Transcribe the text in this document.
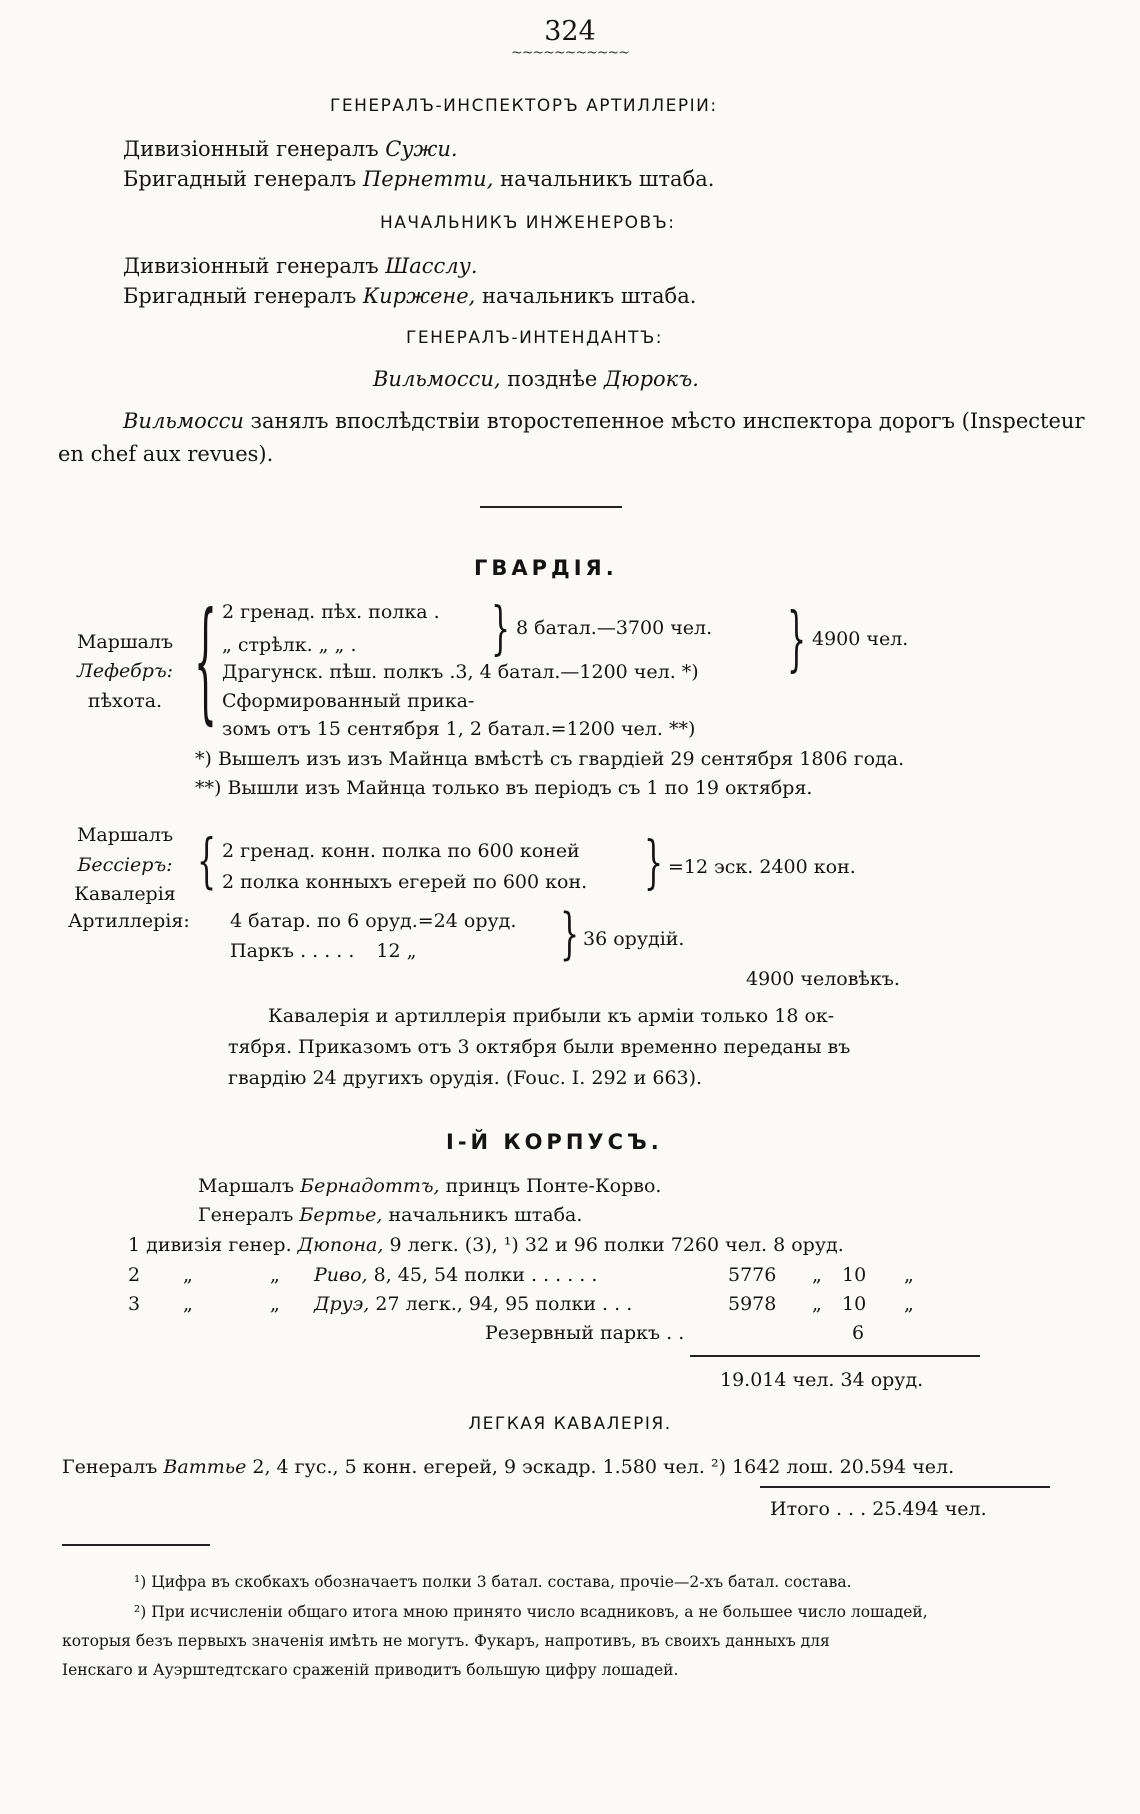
324
~~~~~~~~~~~
ГЕНЕРАЛЪ-ИНСПЕКТОРЪ АРТИЛЛЕРІИ:
Дивизіонный генералъ Сужи.
Бригадный генералъ Пернетти, начальникъ штаба.
НАЧАЛЬНИКЪ ИНЖЕНЕРОВЪ:
Дивизіонный генералъ Шасслу.
Бригадный генералъ Киржене, начальникъ штаба.
ГЕНЕРАЛЪ-ИНТЕНДАНТЪ:
Вильмосси, позднѣе Дюрокъ.
Вильмосси занялъ впослѣдствіи второстепенное мѣсто инспектора дорогъ (Inspecteur
en chef aux revues).
ГВАРДІЯ.
Маршалъ
Лефебръ:
пѣхота. { 2 гренад. пѣх. полка .
„ стрѣлк. „ „ .	} 8 батал.—3700 чел.
Драгунск. пѣш. полкъ .3, 4 батал.—1200 чел. *)
Сформированный прика-
зомъ отъ 15 сентября 1, 2 батал.=1200 чел. **)
} 4900 чел.
*) Вышелъ изъ изъ Майнца вмѣстѣ съ гвардіей 29 сентября 1806 года.
**) Вышли изъ Майнца только въ періодъ съ 1 по 19 октября.
Маршалъ
Бессіеръ:
Кавалерія { 2 гренад. конн. полка по 600 коней
2 полка конныхъ егерей по 600 кон. } =12 эск. 2400 кон.
Артиллерія: 4 батар. по 6 оруд.=24 оруд.
Паркъ . . . . . 12 „	} 36 орудій.
4900 человѣкъ.
Кавалерія и артиллерія прибыли къ арміи только 18 ок-
тября. Приказомъ отъ 3 октября были временно переданы въ
гвардію 24 другихъ орудія. (Fouc. I. 292 и 663).
I-Й КОРПУСЪ.
Маршалъ Бернадоттъ, принцъ Понте-Корво.
Генералъ Бертье, начальникъ штаба.
1 дивизія генер. Дюпона, 9 легк. (3), ¹) 32 и 96 полки 7260 чел. 8 оруд.
2 „	„ Риво, 8, 45, 54 полки . . . . . .	5776 „ 10 „
3 „	„ Друэ, 27 легк., 94, 95 полки . . .	5978 „ 10 „
Резервный паркъ . .	6
19.014 чел. 34 оруд.
ЛЕГКАЯ КАВАЛЕРІЯ.
Генералъ Ваттье 2, 4 гус., 5 конн. егерей, 9 эскадр. 1.580 чел. ²) 1642 лош. 20.594 чел.
Итого . . . 25.494 чел.
¹) Цифра въ скобкахъ обозначаетъ полки 3 батал. состава, прочіе—2-хъ батал. состава.
²) При исчисленіи общаго итога мною принято число всадниковъ, а не большее число лошадей,
которыя безъ первыхъ значенія имѣть не могутъ. Фукаръ, напротивъ, въ своихъ данныхъ для
Іенскаго и Ауэрштедтскаго сраженій приводитъ большую цифру лошадей.
